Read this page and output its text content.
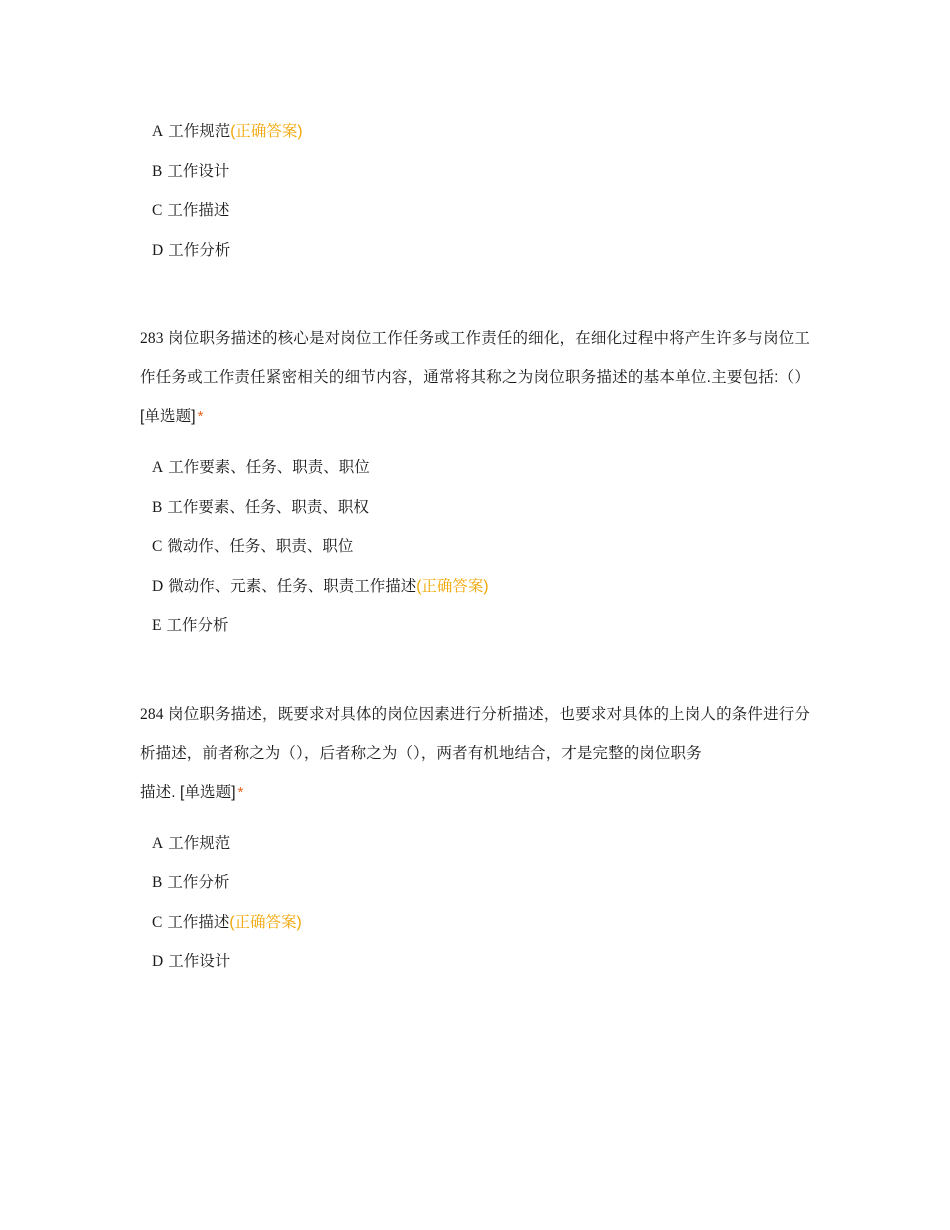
A 工作规范(正确答案)
B 工作设计
C 工作描述
D 工作分析

283 岗位职务描述的核心是对岗位工作任务或工作责任的细化，在细化过程中将产生许多与岗位工作任务或工作责任紧密相关的细节内容，通常将其称之为岗位职务描述的基本单位.主要包括:（） [单选题] *

A 工作要素、任务、职责、职位
B 工作要素、任务、职责、职权
C 微动作、任务、职责、职位
D 微动作、元素、任务、职责工作描述(正确答案)
E 工作分析

284 岗位职务描述，既要求对具体的岗位因素进行分析描述，也要求对具体的上岗人的条件进行分析描述，前者称之为（），后者称之为（），两者有机地结合，才是完整的岗位职务

描述. [单选题] *

A 工作规范
B 工作分析
C 工作描述(正确答案)
D 工作设计
